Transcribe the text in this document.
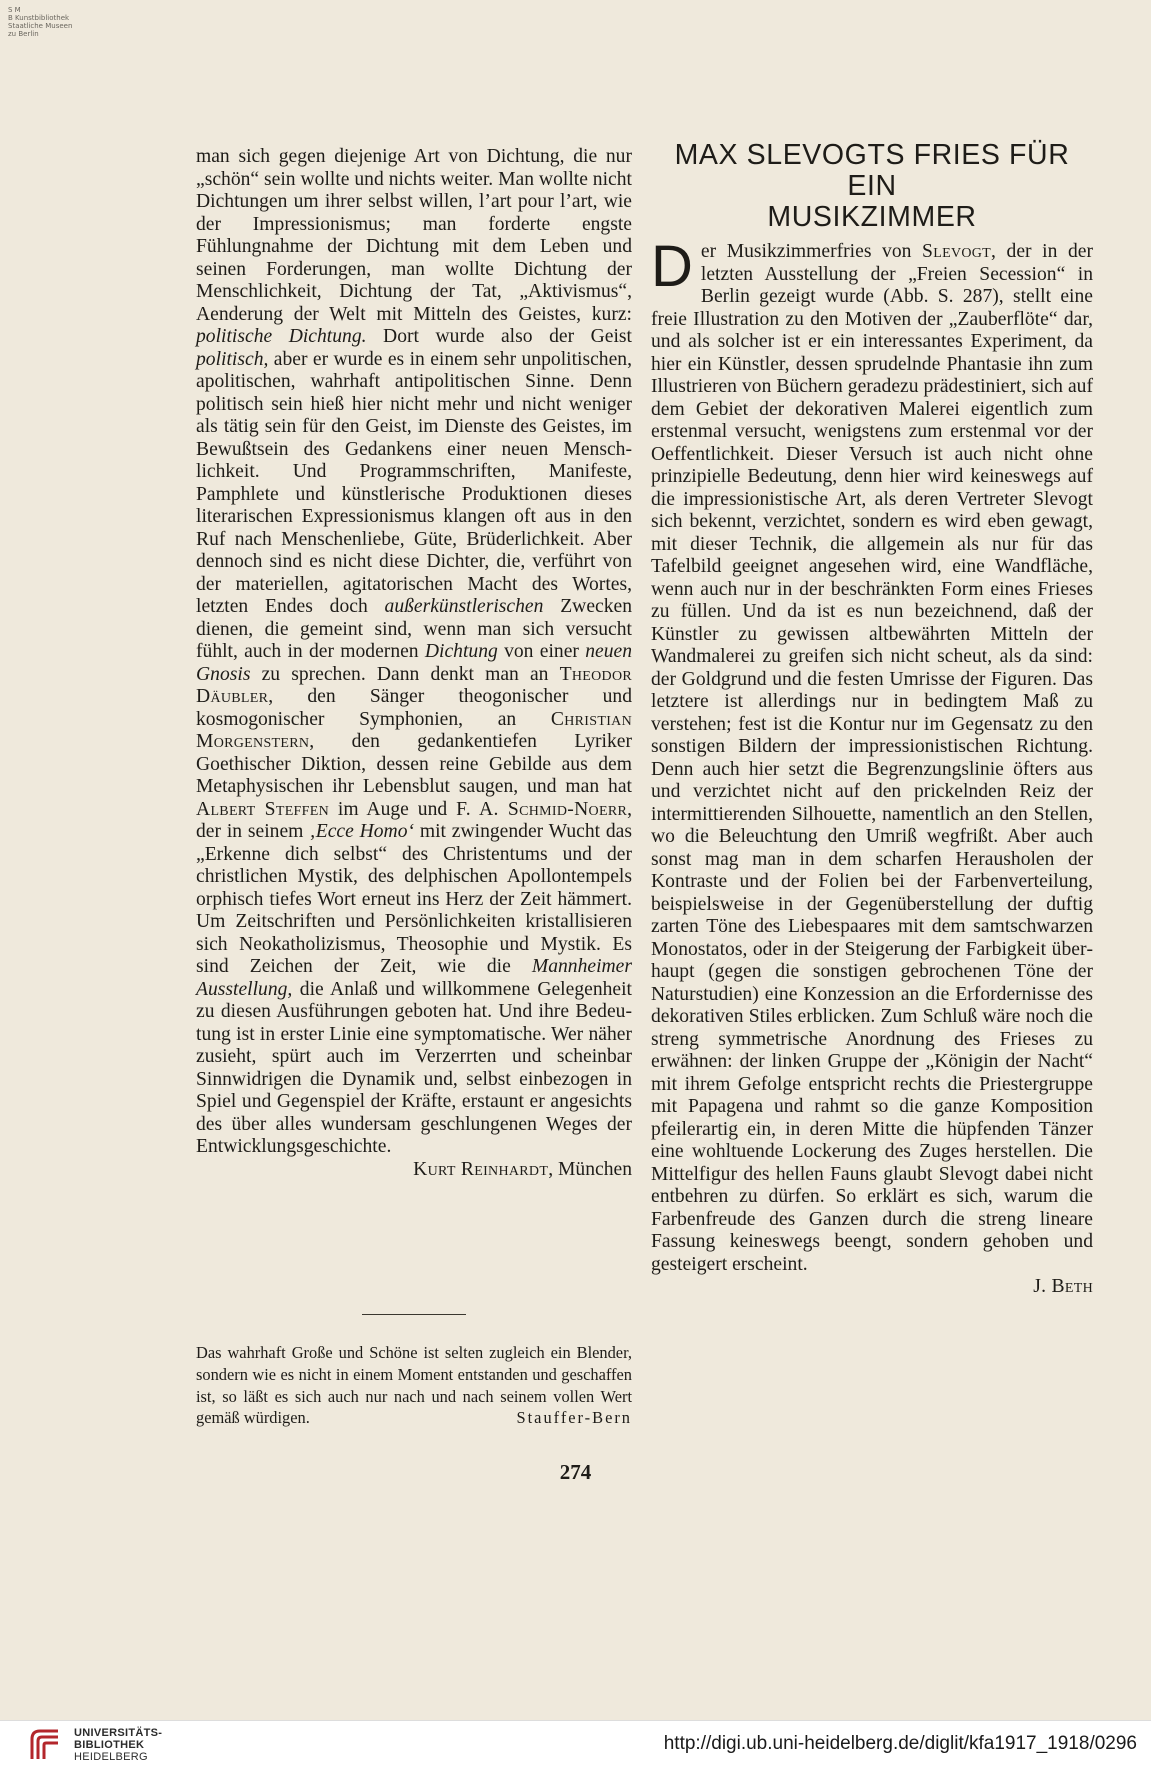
S M
B Kunstbibliothek
Staatliche Museen
zu Berlin

man sich gegen diejenige Art von Dichtung, die nur „schön“ sein wollte und nichts weiter. Man wollte nicht Dichtungen um ihrer selbst willen, l’art pour l’art, wie der Impressionismus; man forderte engste Fühlungnahme der Dichtung mit dem Leben und seinen Forderungen, man wollte Dichtung der Menschlichkeit, Dichtung der Tat, „Aktivismus“, Aenderung der Welt mit Mitteln des Geistes, kurz: politische Dichtung. Dort wurde also der Geist politisch, aber er wurde es in einem sehr unpolitischen, apolitischen, wahrhaft antipolitischen Sinne. Denn politisch sein hieß hier nicht mehr und nicht weniger als tätig sein für den Geist, im Dienste des Geistes, im Bewußtsein des Gedankens einer neuen Menschlichkeit. Und Programmschriften, Manifeste, Pamphlete und künstlerische Produktionen dieses literarischen Expressionismus klangen oft aus in den Ruf nach Menschenliebe, Güte, Brüderlichkeit. Aber dennoch sind es nicht diese Dichter, die, verführt von der materiellen, agitatorischen Macht des Wortes, letzten Endes doch außerkünstlerischen Zwecken dienen, die gemeint sind, wenn man sich versucht fühlt, auch in der modernen Dichtung von einer neuen Gnosis zu sprechen. Dann denkt man an Theodor Däubler, den Sänger theogonischer und kosmogonischer Symphonien, an Christian Morgenstern, den gedankentiefen Lyriker Goethischer Diktion, dessen reine Gebilde aus dem Metaphysischen ihr Lebensblut saugen, und man hat Albert Steffen im Auge und F. A. Schmid-Noerr, der in seinem ‚Ecce Homo‘ mit zwingender Wucht das „Erkenne dich selbst“ des Christentums und der christlichen Mystik, des delphischen Apollontempels orphisch tiefes Wort erneut ins Herz der Zeit hämmert. Um Zeitschriften und Persönlichkeiten kristallisieren sich Neokatholizismus, Theosophie und Mystik. Es sind Zeichen der Zeit, wie die Mannheimer Ausstellung, die Anlaß und willkommene Gelegenheit zu diesen Ausführungen geboten hat. Und ihre Bedeutung ist in erster Linie eine symptomatische. Wer näher zusieht, spürt auch im Verzerrten und scheinbar Sinnwidrigen die Dynamik und, selbst einbezogen in Spiel und Gegenspiel der Kräfte, erstaunt er angesichts des über alles wundersam geschlungenen Weges der Entwicklungsgeschichte.

Kurt Reinhardt, München
Das wahrhaft Große und Schöne ist selten zugleich ein Blender, sondern wie es nicht in einem Moment entstanden und geschaffen ist, so läßt es sich auch nur nach und nach seinem vollen Wert gemäß würdigen.	Stauffer-Bern
MAX SLEVOGTS FRIES FÜR EIN
MUSIKZIMMER

Der Musikzimmerfries von Slevogt, der in der letzten Ausstellung der „Freien Secession“ in Berlin gezeigt wurde (Abb. S. 287), stellt eine freie Illustration zu den Motiven der „Zauberflöte“ dar, und als solcher ist er ein interessantes Experiment, da hier ein Künstler, dessen sprudelnde Phantasie ihn zum Illustrieren von Büchern geradezu prädestiniert, sich auf dem Gebiet der dekorativen Malerei eigentlich zum erstenmal versucht, wenigstens zum erstenmal vor der Oeffentlichkeit. Dieser Versuch ist auch nicht ohne prinzipielle Bedeutung, denn hier wird keineswegs auf die impressionistische Art, als deren Vertreter Slevogt sich bekennt, verzichtet, sondern es wird eben gewagt, mit dieser Technik, die allgemein als nur für das Tafelbild geeignet angesehen wird, eine Wandfläche, wenn auch nur in der beschränkten Form eines Frieses zu füllen. Und da ist es nun bezeichnend, daß der Künstler zu gewissen altbewährten Mitteln der Wandmalerei zu greifen sich nicht scheut, als da sind: der Goldgrund und die festen Umrisse der Figuren. Das letztere ist allerdings nur in bedingtem Maß zu verstehen; fest ist die Kontur nur im Gegensatz zu den sonstigen Bildern der impressionistischen Richtung. Denn auch hier setzt die Begrenzungslinie öfters aus und verzichtet nicht auf den prickelnden Reiz der intermittierenden Silhouette, namentlich an den Stellen, wo die Beleuchtung den Umriß wegfrißt. Aber auch sonst mag man in dem scharfen Herausholen der Kontraste und der Folien bei der Farbenverteilung, beispielsweise in der Gegenüberstellung der duftig zarten Töne des Liebespaares mit dem samtschwarzen Monostatos, oder in der Steigerung der Farbigkeit überhaupt (gegen die sonstigen gebrochenen Töne der Naturstudien) eine Konzession an die Erfordernisse des dekorativen Stiles erblicken. Zum Schluß wäre noch die streng symmetrische Anordnung des Frieses zu erwähnen: der linken Gruppe der „Königin der Nacht“ mit ihrem Gefolge entspricht rechts die Priestergruppe mit Papagena und rahmt so die ganze Komposition pfeilerartig ein, in deren Mitte die hüpfenden Tänzer eine wohltuende Lockerung des Zuges herstellen. Die Mittelfigur des hellen Fauns glaubt Slevogt dabei nicht entbehren zu dürfen. So erklärt es sich, warum die Farbenfreude des Ganzen durch die streng lineare Fassung keineswegs beengt, sondern gehoben und gesteigert erscheint.

J. Beth
274
UNIVERSITÄTS-
BIBLIOTHEK
HEIDELBERG
http://digi.ub.uni-heidelberg.de/diglit/kfa1917_1918/0296
